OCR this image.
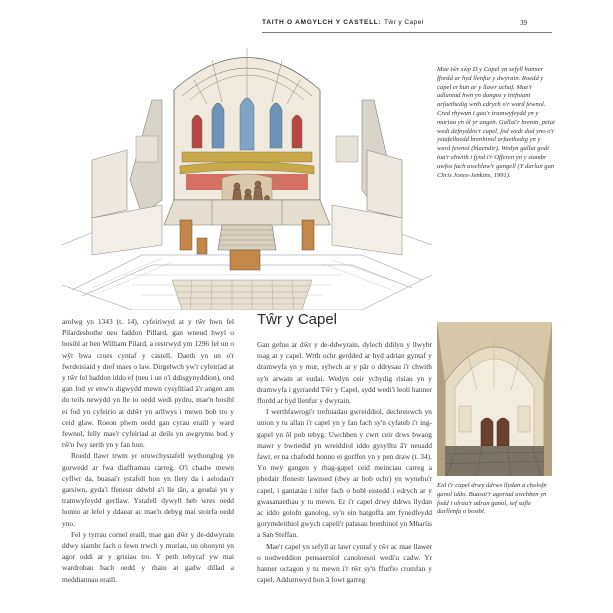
TAITH O AMGYLCH Y CASTELL: Tŵr y Capel	39
Mae tŵr sŵp D y Capel yn sefyll hanner ffordd ar hyd llenfur y dwyrain. Roedd y capel ei hun ar y llawr uchaf. Mae'r adluniad hwn yn dangos y trefniant arfaethedig wrth edrych o'r ward fewnol. Cred rhywun i gau'r tramwyfeydd yn y muriau yn ôl yr angen. Gallai'r brenin, petai wedi defnyddio'r capel, fod wedi dod yno o'r ystafelloedd brenhinol arfaethedig yn y ward fewnol (blaendir). Wedyn gallai godi tua'r ehwith i fynd i'r Offeren yn y siambr uwfos fach uwchlaw'r gangell (Y darlun gan Chris Jones-Jenkins, 1991).

arolwg yn 1343 (t. 14), cyfeiriwyd at y tŵr hwn fel Pilardesbothe neu faddon Pillard, gan wneud hwyl o bosibl ar ben William Pilard, a restrwyd ym 1296 fel un o wŷr bwa croes cyntaf y castell. Daeth yn un o'r fwrdeisiaid y dref maes o law. Dirgelwch yw'r cyfeiriad at y tŵr fel baddon iddo ef (neu i un o'i ddisgynyddion), ond gan fod yr enw'n digwydd mewn cysylltiad â'r angen am do teils newydd yn lle to oedd wedi pydru, mae'n bosibl ei fod yn cyfeirio at ddŵr yn arllwys i mewn bob tro y ceid glaw. Roeon plwm oedd gan cyrau eraill y ward fewnol, felly mae'r cyfeiriad at deils yn awgrymu bod y tŵ'n fwy serth yn y fan hon.

Roedd llawr trwm yr oruwchystafell wythonglog yn gorwedd ar fwa diafframau carreg. O'i chadw mewn cyflwr da, buasai'r ystafell hon yn llety da i aelodau'r garsiwn, gyda'i ffenestr ddwbl a'i lle tân, a geudai yn y tramwyfeydd gerllaw. Ystafell dywyll heb wres oedd honno ar lefel y ddaear ac mae'n debyg mai stoirfa oedd yno.

Fel y tyrrau cornel eraill, mae gan dŵr y de-ddwyrain ddwy siambr fach o fewn trwch y muriau, un ohonynt yn agor oddi ar y grisiau tro. Y peth tebycaf yw mai wardrobau bach oedd y rhain at gadw dillad a meddiannau eraill.

Tŵr y Capel

Gan gefnu ar dŵr y de-ddwyrain, dylech ddilyn y llwybr tuag at y capel. Wrth ochr gerdded ar hyd adrian gyntaf y dramwyfa yn y mur, sylwch ar y pâr o ddrysau i'r chwith sy'n arwain at eudai. Wedyn ceir ychydig risiau yn y dramwyfa i gyrraedd Tŵr y Capel, sydd wedi'i leoli hanner ffordd ar hyd llenfur y dwyrain.

I werthfawrogi'r trefniadau gwreiddiol, dechreuwch yn union y tu allan i'r capel yn y fan fach sy'n cyfateb i'r ing-gapel yn ôl pob tebyg. Uwchben y cwrt ceir drws bwaog mawr y bwriedid yn wreiddiol iddo gysylltu â'r neuadd fawr, er na chafodd honno ei gorffen yn y pen draw (t. 34). Yn nwy gangen y rhag-gapel ceid meinciau carreg a phedair ffenestr lawnsed (dwy ar bob ochr) yn wynebu'r capel, i ganiatáu i nifer fach o bobl eistedd i edrych ar y gwasanaethau y tu mewn. Er i'r capel drwy ddrws llydan ac iddo golofn ganolog, sy'n ein hatgoffa am fynedfeydd gorymdeithiol gwych capeli'r palasau brenhinol yn Mhariis a San Steffan.

Mae'r capel yn sefyll ar lawr cyntaf y tŵr ac mae llawer o nodweddion pensaernïol canoloesol wedi'u cadw. Yr hanner octagon y tu mewn i'r tŵr sy'n ffurfio cromfan y capel. Addurnwyd hon â fowt garreg

Eid i'r capel drwy ddrws llydan a cholofn ganol iddo. Buasai'r agoriad uwchben yn fodd i olrau'r adran ganol, sef safle darllenfa o bosibl.
